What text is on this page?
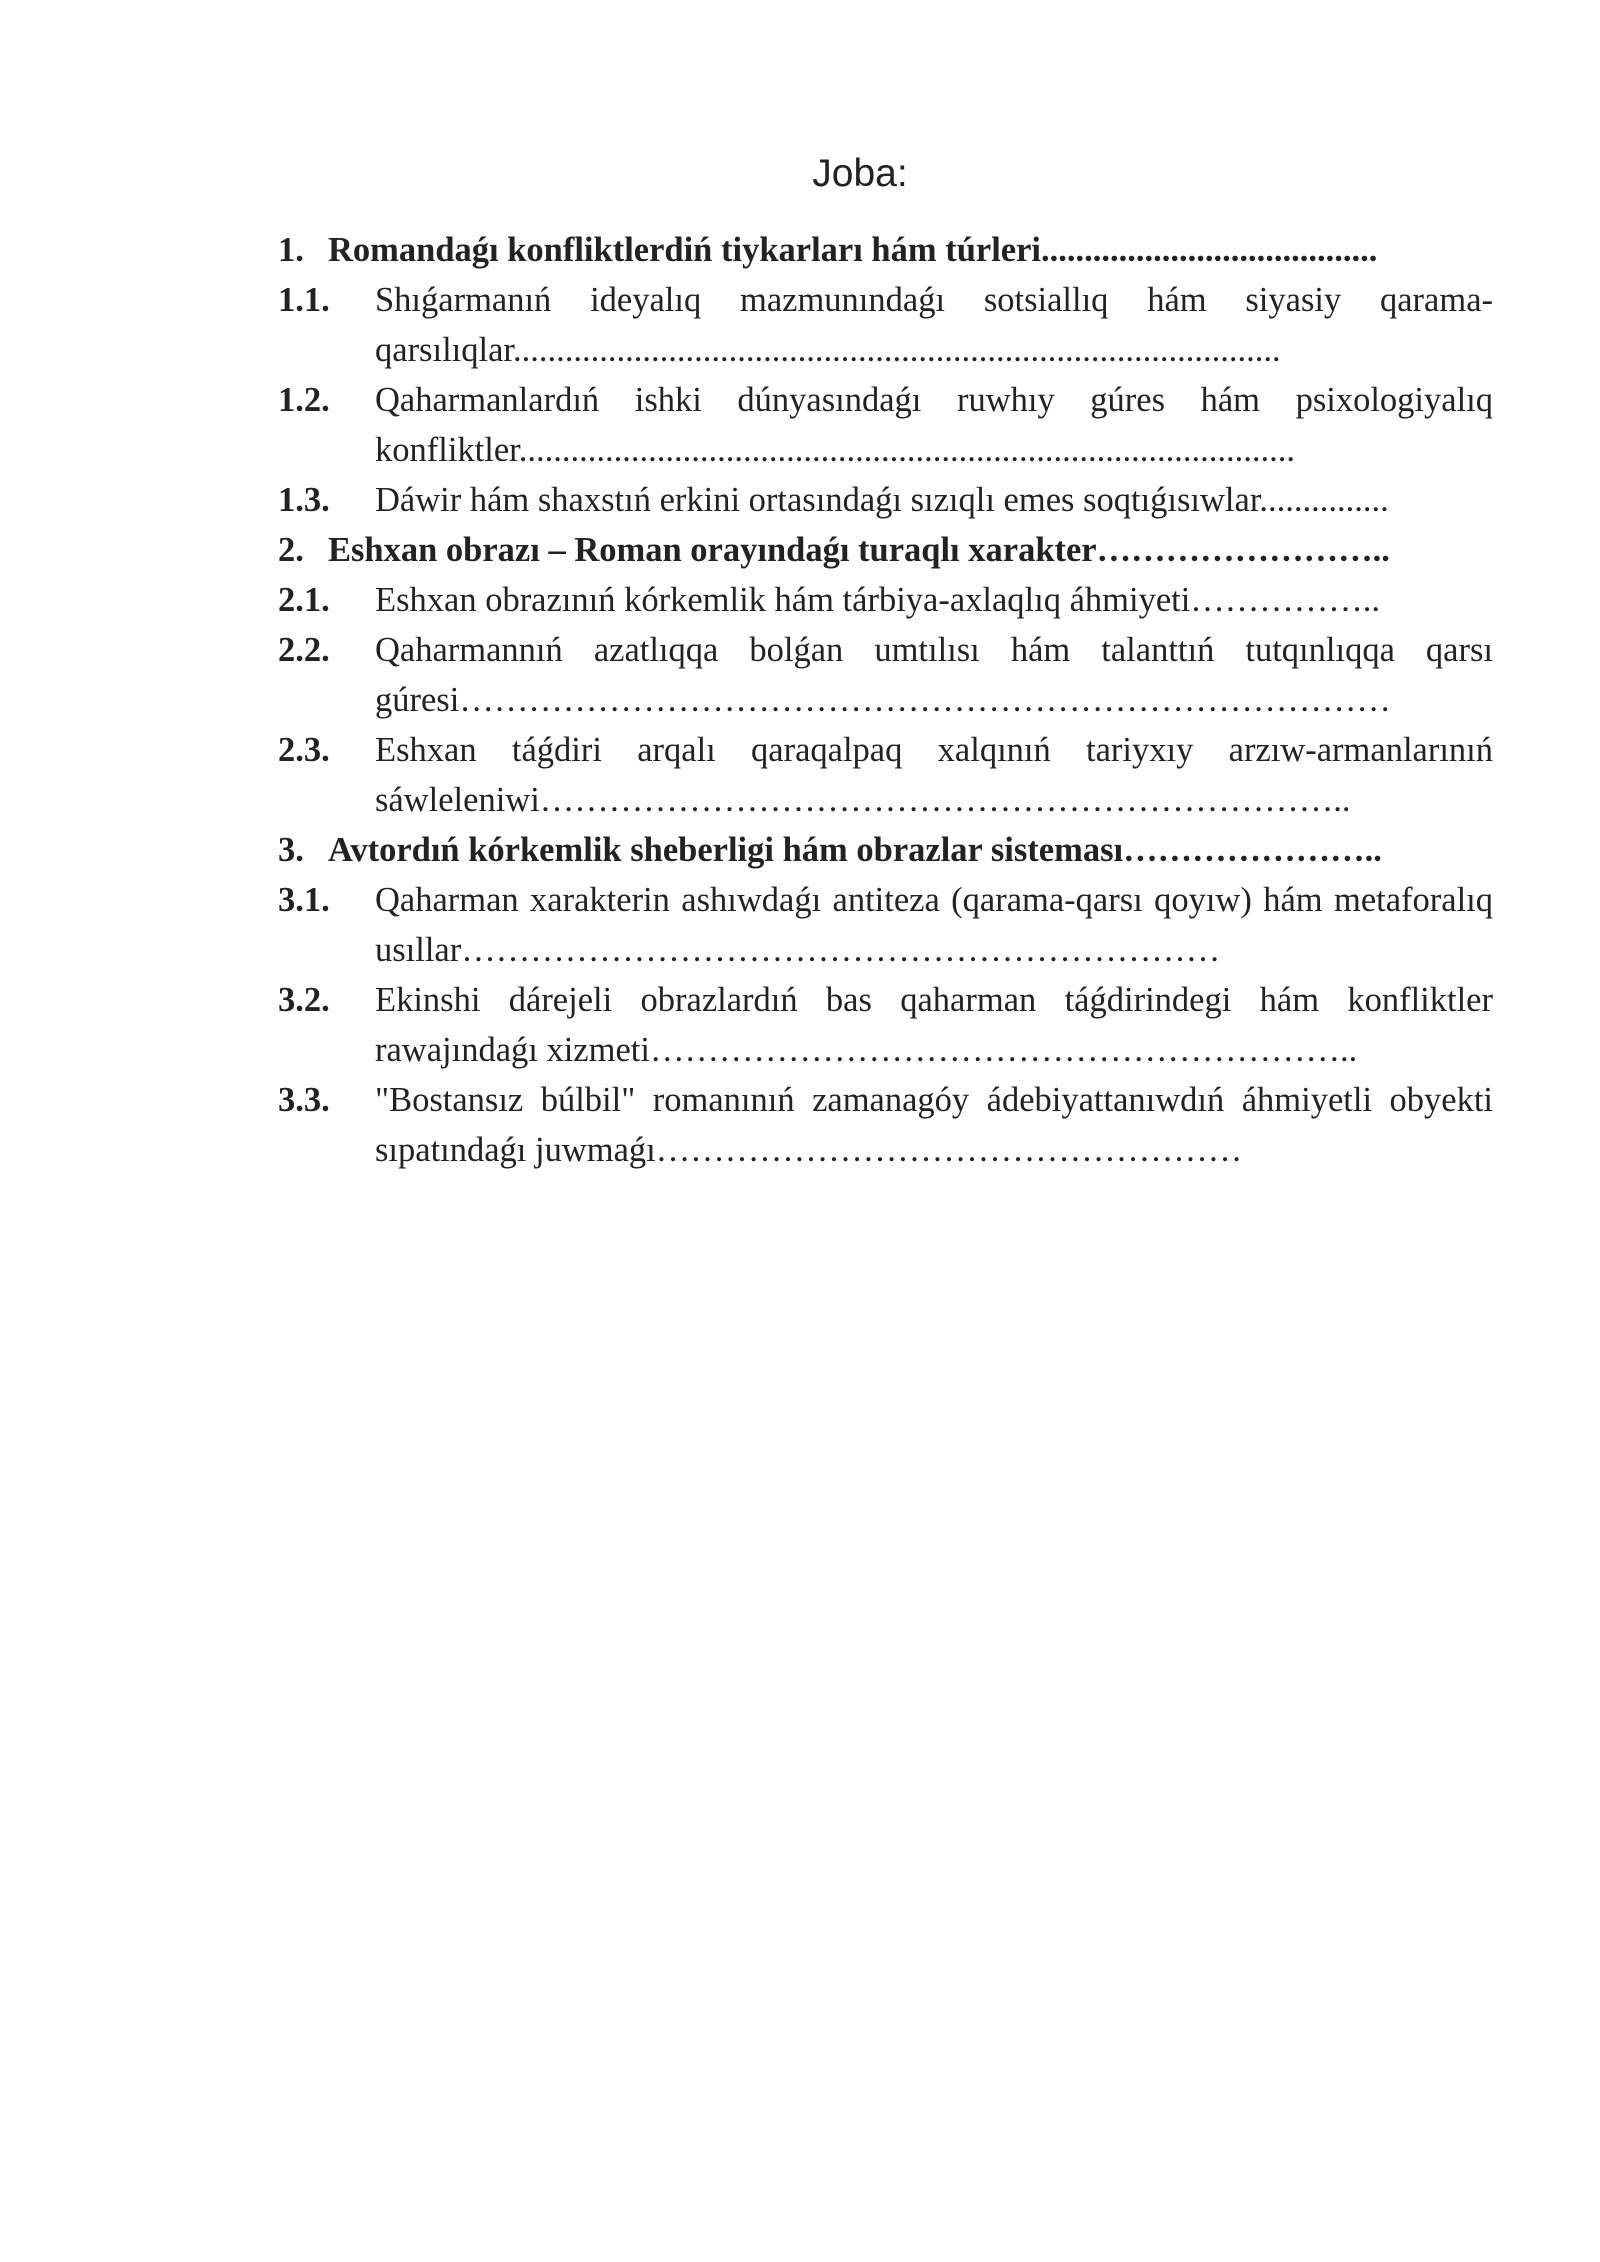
Joba:
1. Romandaǵı konfliktlerdiń tiykarları hám túrleri.......................................
1.1.	Shıǵarmanıń ideyalıq mazmunındaǵı sotsiallıq hám siyasiy qarama-qarsılıqlar.........................................................................................
1.2.	Qaharmanlardıń ishki dúnyasındaǵı ruwhıy gúres hám psixologiyalıq konfliktler..........................................................................................
1.3.	Dáwir hám shaxstıń erkini ortasındaǵı sızıqlı emes soqtıǵısıwlar...............
2. Eshxan obrazı – Roman orayındaǵı turaqlı xarakter……………………..
2.1.	Eshxan obrazınıń kórkemlik hám tárbiya-axlaqlıq áhmiyeti……………..
2.2.	Qaharmannıń azatlıqqa bolǵan umtılısı hám talanttıń tutqınlıqqa qarsı gúresi………………………………………………………………………
2.3.	Eshxan táǵdiri arqalı qaraqalpaq xalqınıń tariyxıy arzıw-armanlarınıń sáwleleniwi……………………………………………………………..
3. Avtordıń kórkemlik sheberligi hám obrazlar sisteması…………………..
3.1.	Qaharman xarakterin ashıwdaǵı antiteza (qarama-qarsı qoyıw) hám metaforalıq usıllar…………………………………………………………
3.2.	Ekinshi dárejeli obrazlardıń bas qaharman táǵdirindegi hám konfliktler rawajındaǵı xizmeti……………………………………………………..
3.3.	"Bostansız búlbil" romanınıń zamanagóy ádebiyattanıwdıń áhmiyetli obyekti sıpatındaǵı juwmaǵı……………………………………………
